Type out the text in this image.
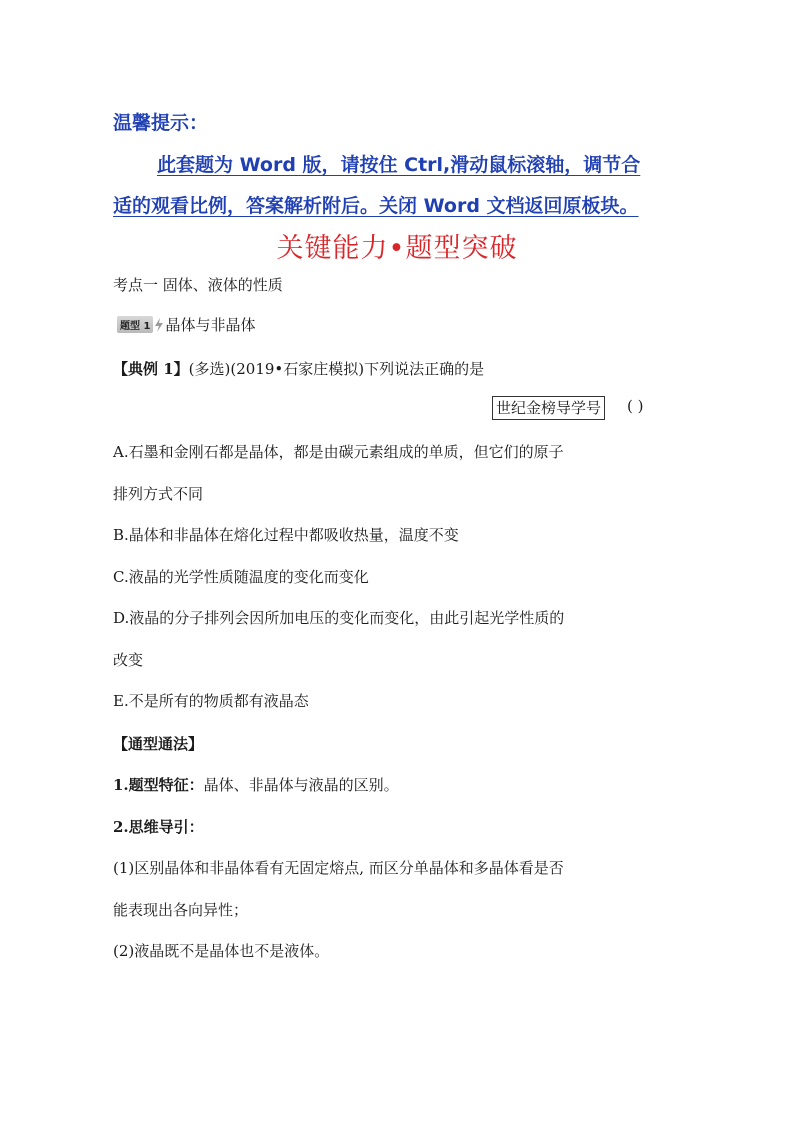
温馨提示：
此套题为 Word 版，请按住 Ctrl,滑动鼠标滚轴，调节合
适的观看比例，答案解析附后。关闭 Word 文档返回原板块。
关键能力•题型突破
考点一 固体、液体的性质
题型 1 晶体与非晶体
【典例 1】(多选)(2019•石家庄模拟)下列说法正确的是
世纪金榜导学号 ( )
A.石墨和金刚石都是晶体，都是由碳元素组成的单质，但它们的原子
排列方式不同
B.晶体和非晶体在熔化过程中都吸收热量，温度不变
C.液晶的光学性质随温度的变化而变化
D.液晶的分子排列会因所加电压的变化而变化，由此引起光学性质的
改变
E.不是所有的物质都有液晶态
【通型通法】
1.题型特征：晶体、非晶体与液晶的区别。
2.思维导引：
(1)区别晶体和非晶体看有无固定熔点, 而区分单晶体和多晶体看是否
能表现出各向异性；
(2)液晶既不是晶体也不是液体。
